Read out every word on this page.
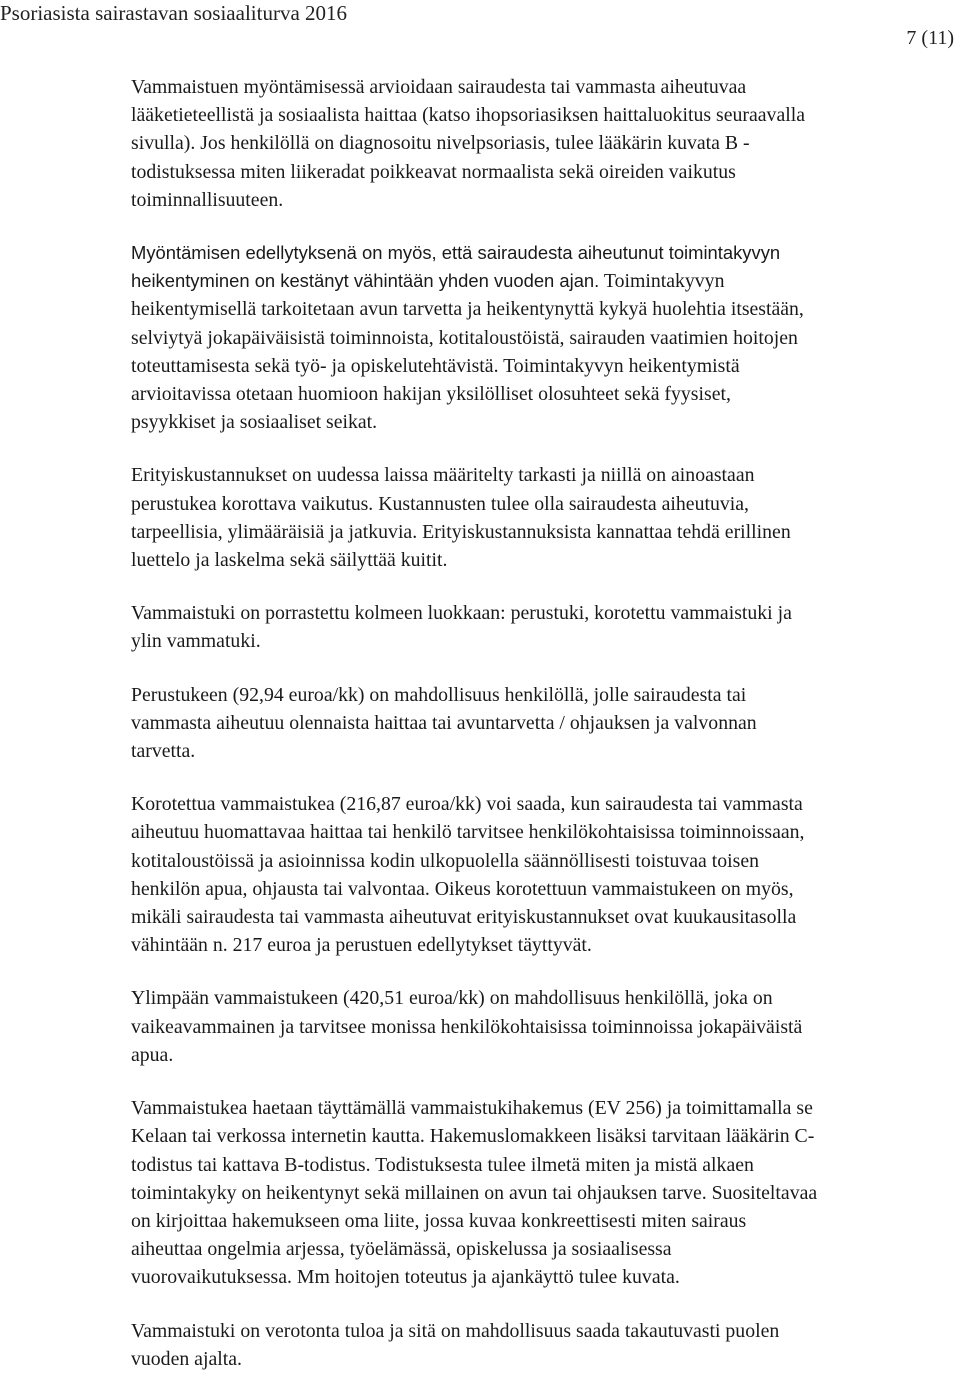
Psoriasista sairastavan sosiaaliturva 2016
7 (11)

Vammaistuen myöntämisessä arvioidaan sairaudesta tai vammasta aiheutuvaa
lääketieteellistä ja sosiaalista haittaa (katso ihopsoriasiksen haittaluokitus seuraavalla
sivulla). Jos henkilöllä on diagnosoitu nivelpsoriasis, tulee lääkärin kuvata B -
todistuksessa miten liikeradat poikkeavat normaalista sekä oireiden vaikutus
toiminnallisuuteen.

Myöntämisen edellytyksenä on myös, että sairaudesta aiheutunut toimintakyvyn
heikentyminen on kestänyt vähintään yhden vuoden ajan. Toimintakyvyn
heikentymisellä tarkoitetaan avun tarvetta ja heikentynyttä kykyä huolehtia itsestään,
selviytyä jokapäiväisistä toiminnoista, kotitaloustöistä, sairauden vaatimien hoitojen
toteuttamisesta sekä työ- ja opiskelutehtävistä. Toimintakyvyn heikentymistä
arvioitavissa otetaan huomioon hakijan yksilölliset olosuhteet sekä fyysiset,
psyykkiset ja sosiaaliset seikat.

Erityiskustannukset on uudessa laissa määritelty tarkasti ja niillä on ainoastaan
perustukea korottava vaikutus. Kustannusten tulee olla sairaudesta aiheutuvia,
tarpeellisia, ylimääräisiä ja jatkuvia. Erityiskustannuksista kannattaa tehdä erillinen
luettelo ja laskelma sekä säilyttää kuitit.

Vammaistuki on porrastettu kolmeen luokkaan: perustuki, korotettu vammaistuki ja
ylin vammatuki.

Perustukeen (92,94 euroa/kk) on mahdollisuus henkilöllä, jolle sairaudesta tai
vammasta aiheutuu olennaista haittaa tai avuntarvetta / ohjauksen ja valvonnan
tarvetta.

Korotettua vammaistukea (216,87 euroa/kk) voi saada, kun sairaudesta tai vammasta
aiheutuu huomattavaa haittaa tai henkilö tarvitsee henkilökohtaisissa toiminnoissaan,
kotitaloustöissä ja asioinnissa kodin ulkopuolella säännöllisesti toistuvaa toisen
henkilön apua, ohjausta tai valvontaa. Oikeus korotettuun vammaistukeen on myös,
mikäli sairaudesta tai vammasta aiheutuvat erityiskustannukset ovat kuukausitasolla
vähintään n. 217 euroa ja perustuen edellytykset täyttyvät.

Ylimpään vammaistukeen (420,51 euroa/kk) on mahdollisuus henkilöllä, joka on
vaikeavammainen ja tarvitsee monissa henkilökohtaisissa toiminnoissa jokapäiväistä
apua.

Vammaistukea haetaan täyttämällä vammaistukihakemus (EV 256) ja toimittamalla se
Kelaan tai verkossa internetin kautta. Hakemuslomakkeen lisäksi tarvitaan lääkärin C-
todistus tai kattava B-todistus. Todistuksesta tulee ilmetä miten ja mistä alkaen
toimintakyky on heikentynyt sekä millainen on avun tai ohjauksen tarve. Suositeltavaa
on kirjoittaa hakemukseen oma liite, jossa kuvaa konkreettisesti miten sairaus
aiheuttaa ongelmia arjessa, työelämässä, opiskelussa ja sosiaalisessa
vuorovaikutuksessa. Mm hoitojen toteutus ja ajankäyttö tulee kuvata.

Vammaistuki on verotonta tuloa ja sitä on mahdollisuus saada takautuvasti puolen
vuoden ajalta.
